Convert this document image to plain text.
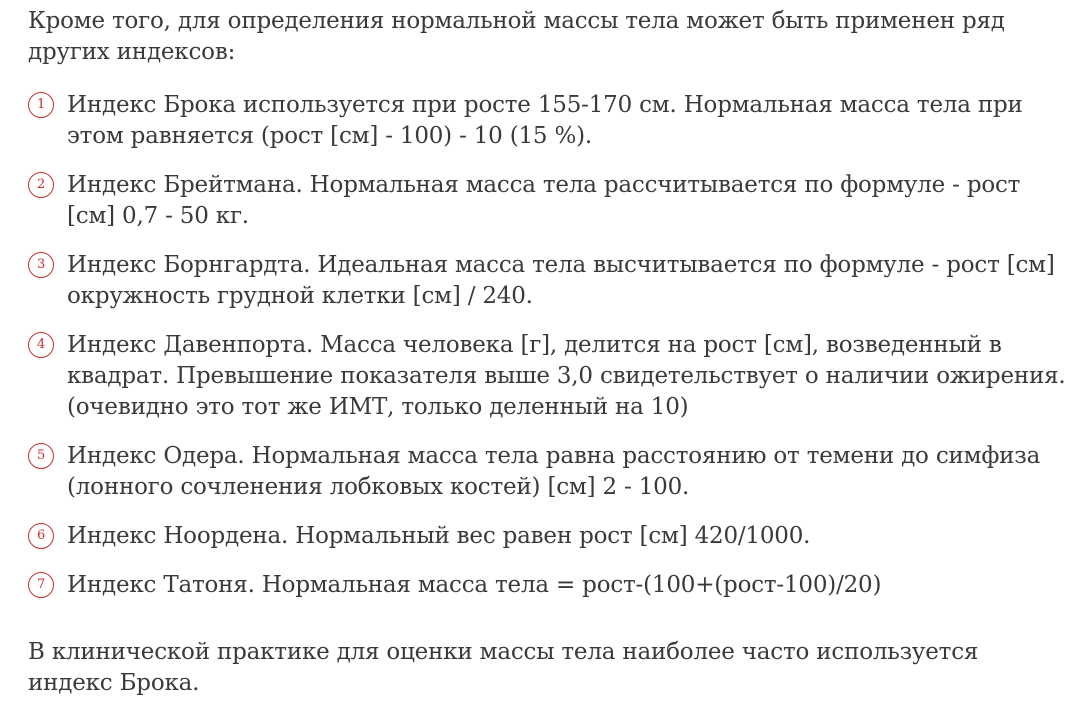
Кроме того, для определения нормальной массы тела может быть применен ряд других индексов:

1 Индекс Брока используется при росте 155-170 см. Нормальная масса тела при этом равняется (рост [см] - 100) - 10 (15 %).
2 Индекс Брейтмана. Нормальная масса тела рассчитывается по формуле - рост [см] 0,7 - 50 кг.
3 Индекс Борнгардта. Идеальная масса тела высчитывается по формуле - рост [см] окружность грудной клетки [см] / 240.
4 Индекс Давенпорта. Масса человека [г], делится на рост [см], возведенный в квадрат. Превышение показателя выше 3,0 свидетельствует о наличии ожирения. (очевидно это тот же ИМТ, только деленный на 10)
5 Индекс Одера. Нормальная масса тела равна расстоянию от темени до симфиза (лонного сочленения лобковых костей) [см] 2 - 100.
6 Индекс Ноордена. Нормальный вес равен рост [см] 420/1000.
7 Индекс Татоня. Нормальная масса тела = рост-(100+(рост-100)/20)

В клинической практике для оценки массы тела наиболее часто используется индекс Брока.
